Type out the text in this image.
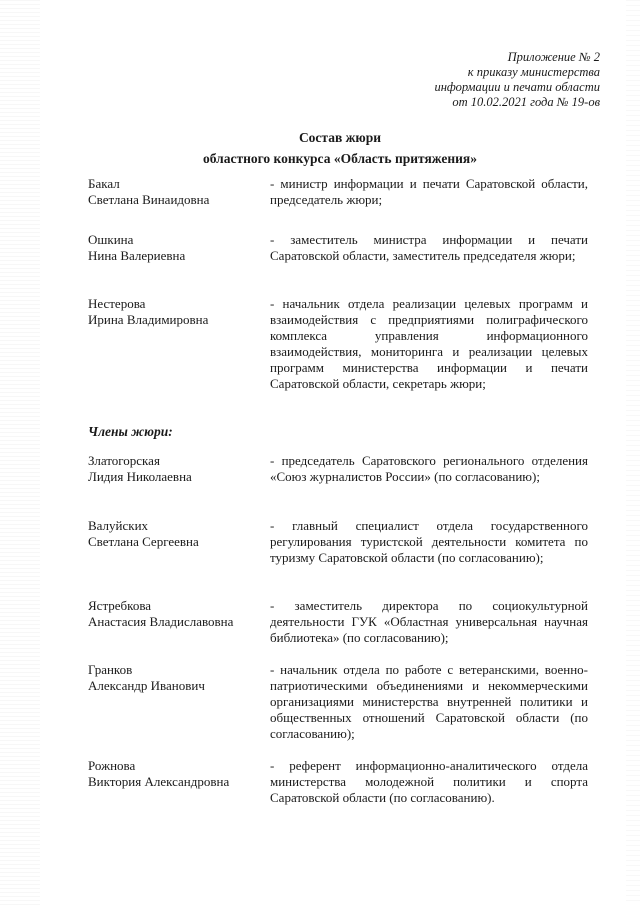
Приложение № 2
к приказу министерства
информации и печати области
от 10.02.2021 года № 19-ов
Состав жюри
областного конкурса «Область притяжения»
Бакал
Светлана Винаидовна
- министр информации и печати Саратовской области, председатель жюри;
Ошкина
Нина Валериевна
- заместитель министра информации и печати Саратовской области, заместитель председателя жюри;
Нестерова
Ирина Владимировна
- начальник отдела реализации целевых программ и взаимодействия с предприятиями полиграфического комплекса управления информационного взаимодействия, мониторинга и реализации целевых программ министерства информации и печати Саратовской области, секретарь жюри;
Члены жюри:
Златогорская
Лидия Николаевна
- председатель Саратовского регионального отделения «Союз журналистов России» (по согласованию);
Валуйских
Светлана Сергеевна
- главный специалист отдела государственного регулирования туристской деятельности комитета по туризму Саратовской области (по согласованию);
Ястребкова
Анастасия Владиславовна
- заместитель директора по социокультурной деятельности ГУК «Областная универсальная научная библиотека» (по согласованию);
Гранков
Александр Иванович
- начальник отдела по работе с ветеранскими, военно-патриотическими объединениями и некоммерческими организациями министерства внутренней политики и общественных отношений Саратовской области (по согласованию);
Рожнова
Виктория Александровна
- референт информационно-аналитического отдела министерства молодежной политики и спорта Саратовской области (по согласованию).
